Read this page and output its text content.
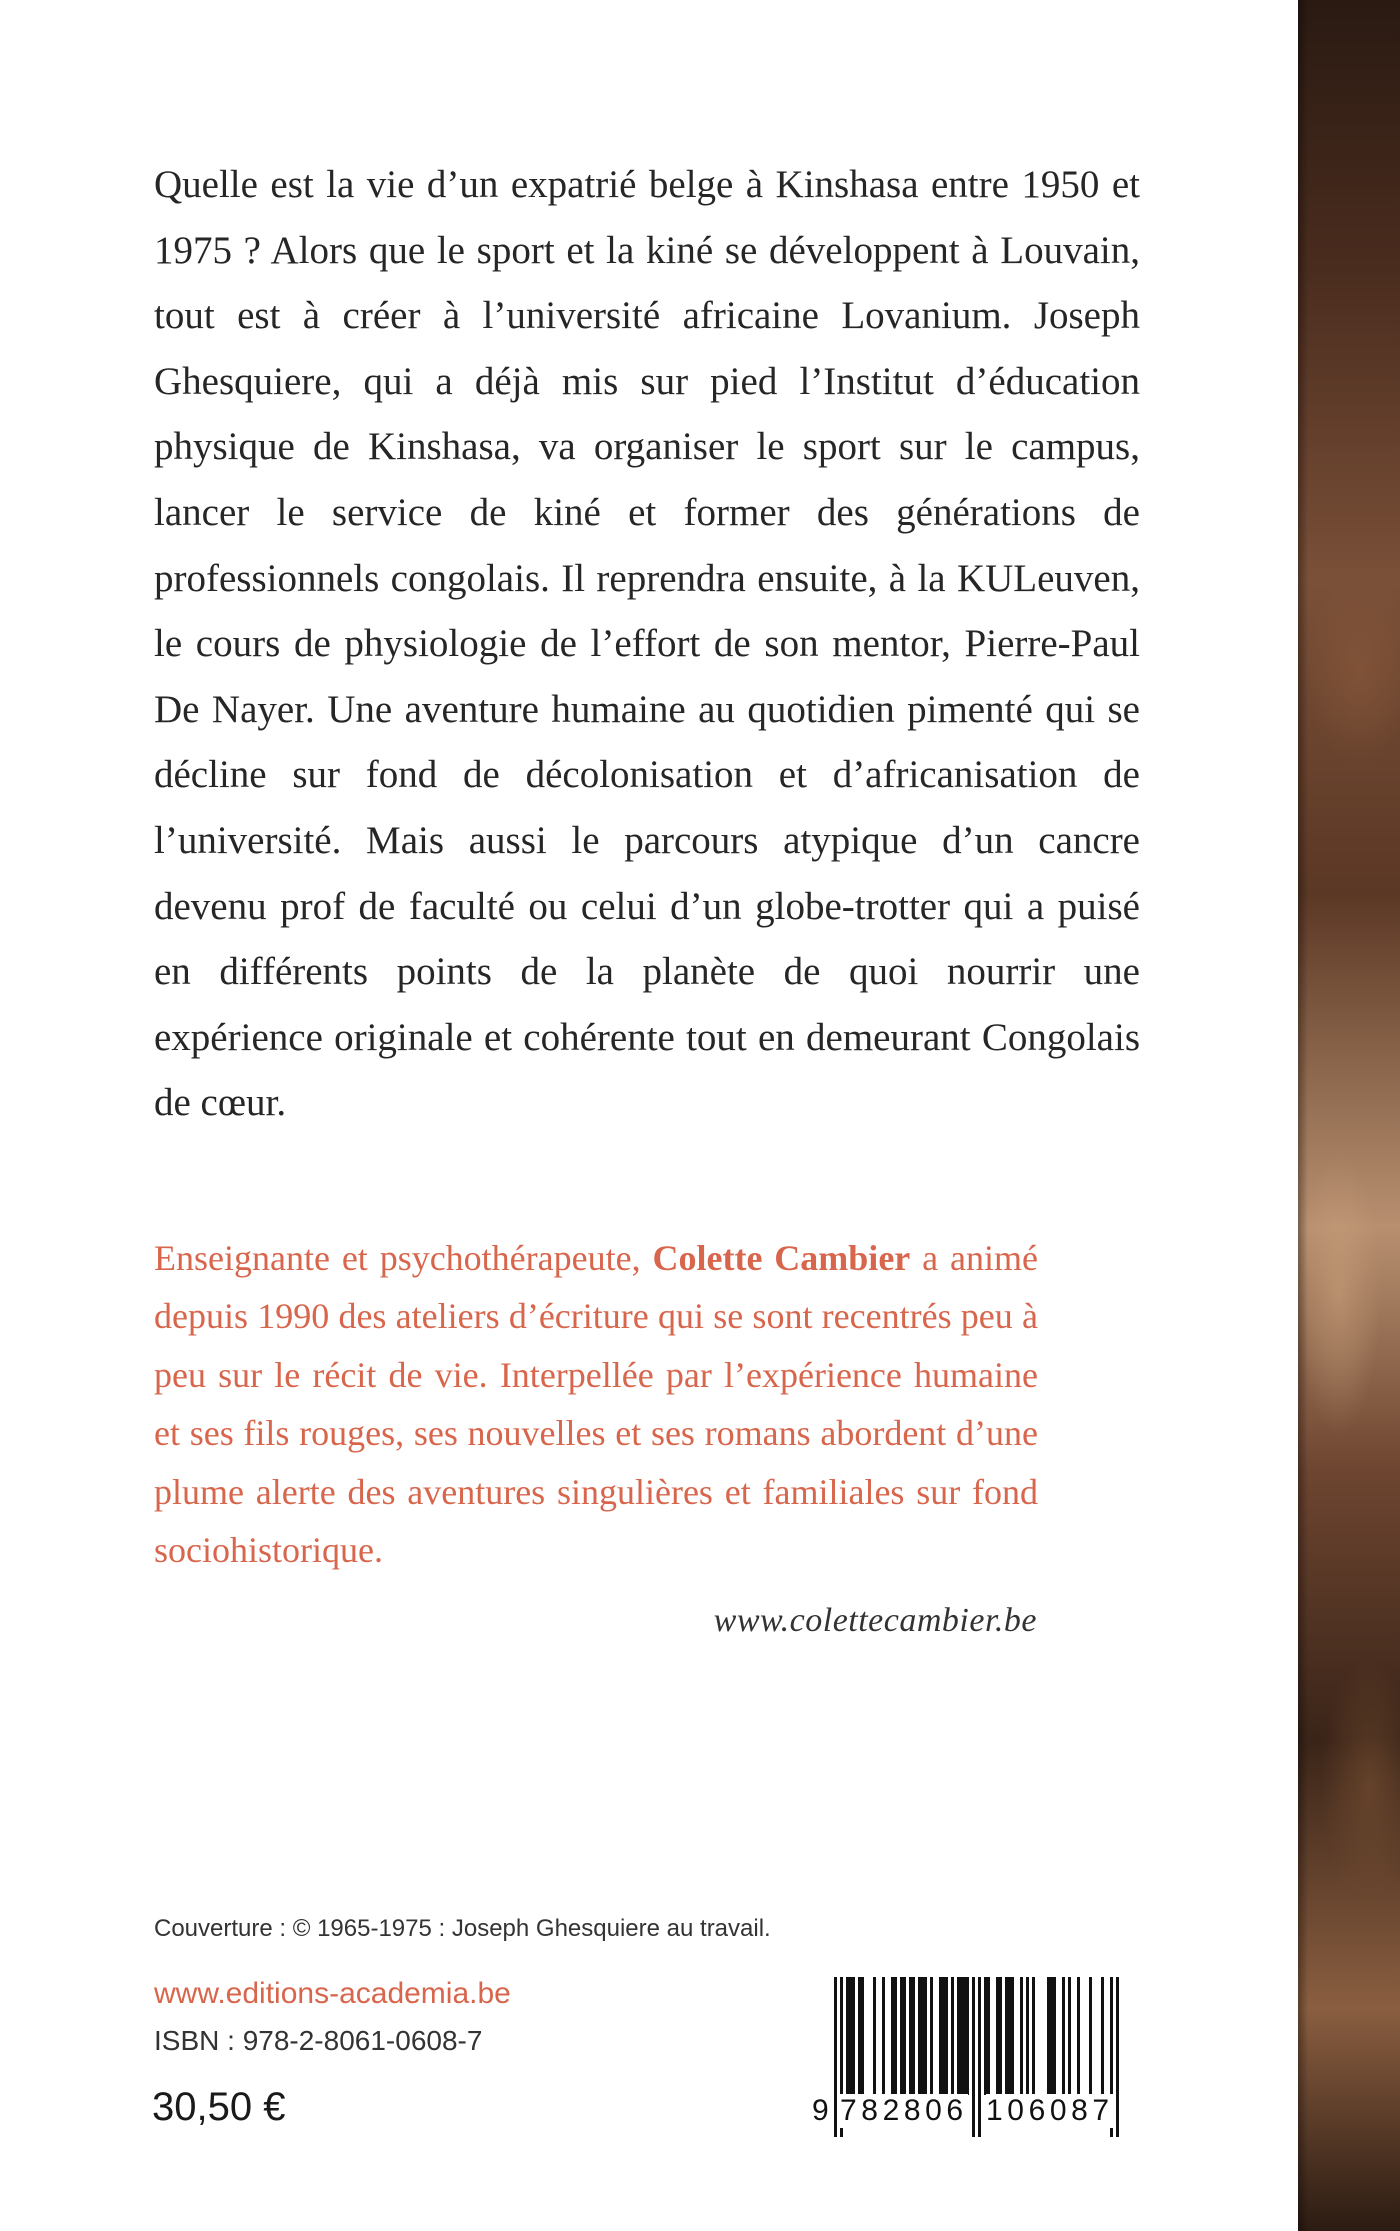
Quelle est la vie d’un expatrié belge à Kinshasa entre 1950 et 1975 ? Alors que le sport et la kiné se développent à Louvain, tout est à créer à l’université africaine Lovanium. Joseph Ghesquiere, qui a déjà mis sur pied l’Institut d’éducation physique de Kinshasa, va organiser le sport sur le campus, lancer le service de kiné et former des générations de professionnels congolais. Il reprendra ensuite, à la KULeuven, le cours de physiologie de l’effort de son mentor, Pierre-Paul De Nayer. Une aventure humaine au quotidien pimenté qui se décline sur fond de décolonisation et d’africanisation de l’université. Mais aussi le parcours atypique d’un cancre devenu prof de faculté ou celui d’un globe-trotter qui a puisé en différents points de la planète de quoi nourrir une expérience originale et cohérente tout en demeurant Congolais de cœur.

Enseignante et psychothérapeute, Colette Cambier a animé depuis 1990 des ateliers d’écriture qui se sont recentrés peu à peu sur le récit de vie. Interpellée par l’expérience humaine et ses fils rouges, ses nouvelles et ses romans abordent d’une plume alerte des aventures singulières et familiales sur fond sociohistorique.

www.colettecambier.be

Couverture : © 1965-1975 : Joseph Ghesquiere au travail.

www.editions-academia.be

ISBN : 978-2-8061-0608-7

30,50 €	9 782806 106087
